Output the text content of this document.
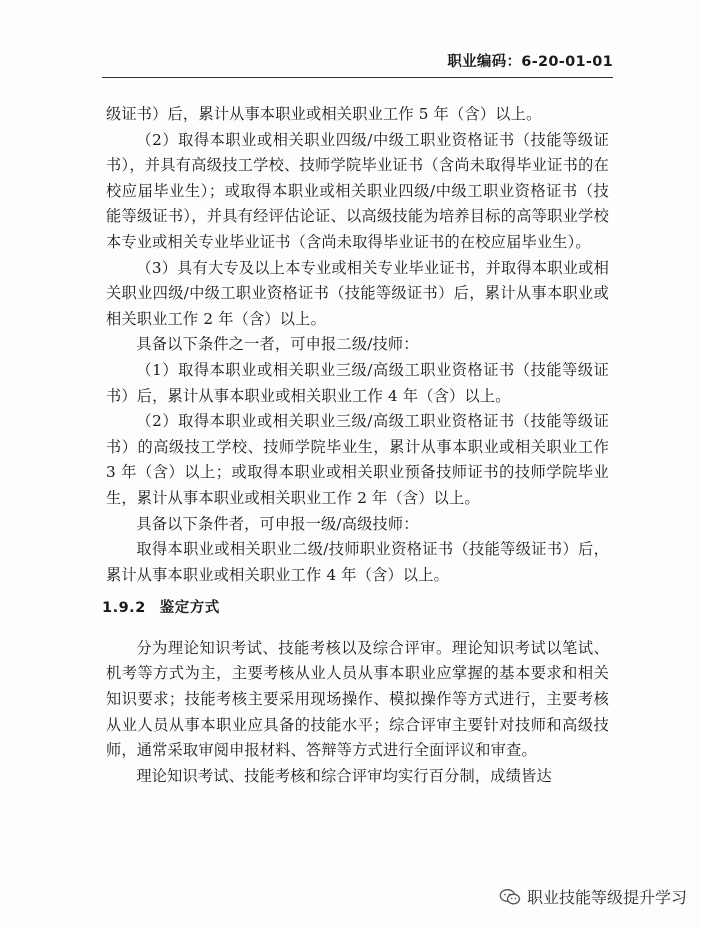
职业编码：6-20-01-01

级证书）后，累计从事本职业或相关职业工作 5 年（含）以上。

（2）取得本职业或相关职业四级/中级工职业资格证书（技能等级证书），并具有高级技工学校、技师学院毕业证书（含尚未取得毕业证书的在校应届毕业生）；或取得本职业或相关职业四级/中级工职业资格证书（技能等级证书），并具有经评估论证、以高级技能为培养目标的高等职业学校本专业或相关专业毕业证书（含尚未取得毕业证书的在校应届毕业生）。

（3）具有大专及以上本专业或相关专业毕业证书，并取得本职业或相关职业四级/中级工职业资格证书（技能等级证书）后，累计从事本职业或相关职业工作 2 年（含）以上。

具备以下条件之一者，可申报二级/技师：

（1）取得本职业或相关职业三级/高级工职业资格证书（技能等级证书）后，累计从事本职业或相关职业工作 4 年（含）以上。

（2）取得本职业或相关职业三级/高级工职业资格证书（技能等级证书）的高级技工学校、技师学院毕业生，累计从事本职业或相关职业工作 3 年（含）以上；或取得本职业或相关职业预备技师证书的技师学院毕业生，累计从事本职业或相关职业工作 2 年（含）以上。

具备以下条件者，可申报一级/高级技师：

取得本职业或相关职业二级/技师职业资格证书（技能等级证书）后，累计从事本职业或相关职业工作 4 年（含）以上。

1.9.2 鉴定方式

分为理论知识考试、技能考核以及综合评审。理论知识考试以笔试、机考等方式为主，主要考核从业人员从事本职业应掌握的基本要求和相关知识要求；技能考核主要采用现场操作、模拟操作等方式进行，主要考核从业人员从事本职业应具备的技能水平；综合评审主要针对技师和高级技师，通常采取审阅申报材料、答辩等方式进行全面评议和审查。

理论知识考试、技能考核和综合评审均实行百分制，成绩皆达

职业技能等级提升学习
